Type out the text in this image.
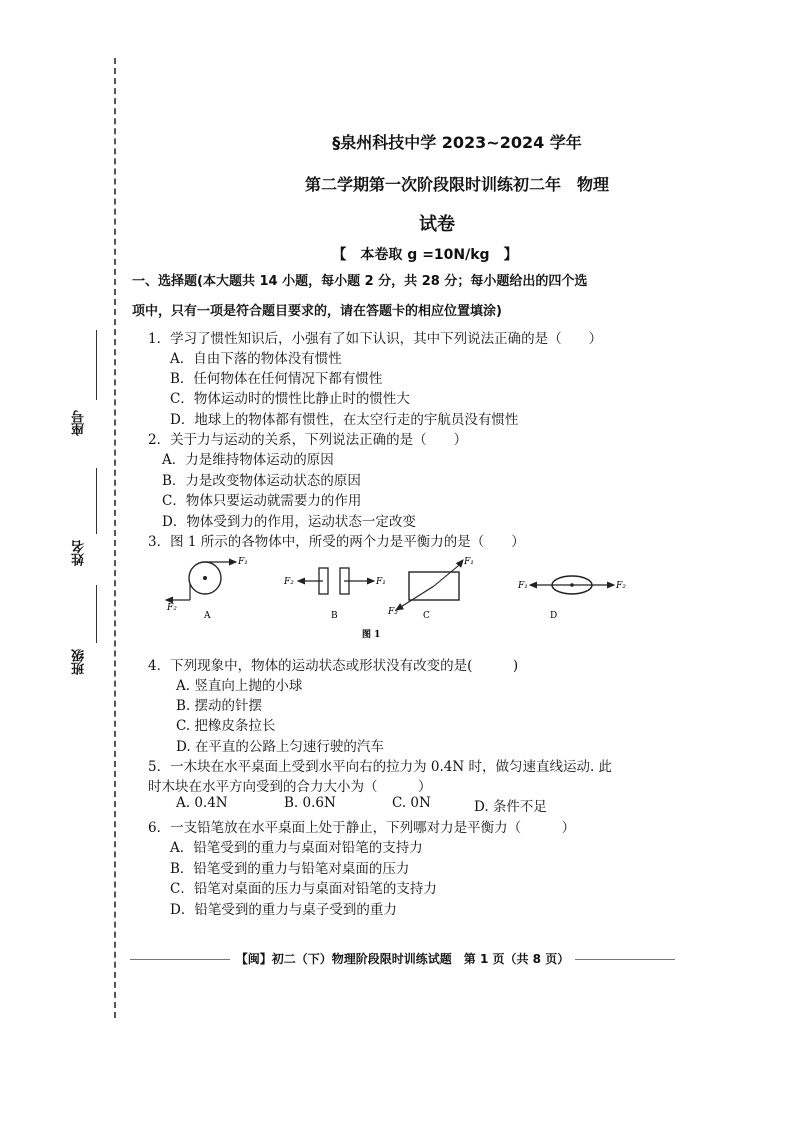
座号
姓名
班级
§泉州科技中学 2023~2024 学年
第二学期第一次阶段限时训练初二年　物理
试卷
【　本卷取 g =10N/kg　】
一、选择题(本大题共 14 小题，每小题 2 分，共 28 分；每小题给出的四个选
项中，只有一项是符合题目要求的，请在答题卡的相应位置填涂)
1．学习了惯性知识后，小强有了如下认识，其中下列说法正确的是（　　）
A．自由下落的物体没有惯性
B．任何物体在任何情况下都有惯性
C．物体运动时的惯性比静止时的惯性大
D．地球上的物体都有惯性，在太空行走的宇航员没有惯性
2．关于力与运动的关系，下列说法正确的是（　　）
A．力是维持物体运动的原因
B．力是改变物体运动状态的原因
C．物体只要运动就需要力的作用
D．物体受到力的作用，运动状态一定改变
3．图 1 所示的各物体中，所受的两个力是平衡力的是（　　）
F₁
F₂
A
F₂	F₁
B
F₁
F₂	C
F₁	F₂
D
图 1
4．下列现象中，物体的运动状态或形状没有改变的是(　　　)
A. 竖直向上抛的小球
B. 摆动的针摆
C. 把橡皮条拉长
D. 在平直的公路上匀速行驶的汽车
5．一木块在水平桌面上受到水平向右的拉力为 0.4N 时，做匀速直线运动. 此
时木块在水平方向受到的合力大小为（　　　）
A. 0.4N	B. 0.6N	C. 0N	D. 条件不足
6．一支铅笔放在水平桌面上处于静止，下列哪对力是平衡力（　　　）
A．铅笔受到的重力与桌面对铅笔的支持力
B．铅笔受到的重力与铅笔对桌面的压力
C．铅笔对桌面的压力与桌面对铅笔的支持力
D．铅笔受到的重力与桌子受到的重力
【闽】初二（下）物理阶段限时训练试题　第 1 页（共 8 页）
